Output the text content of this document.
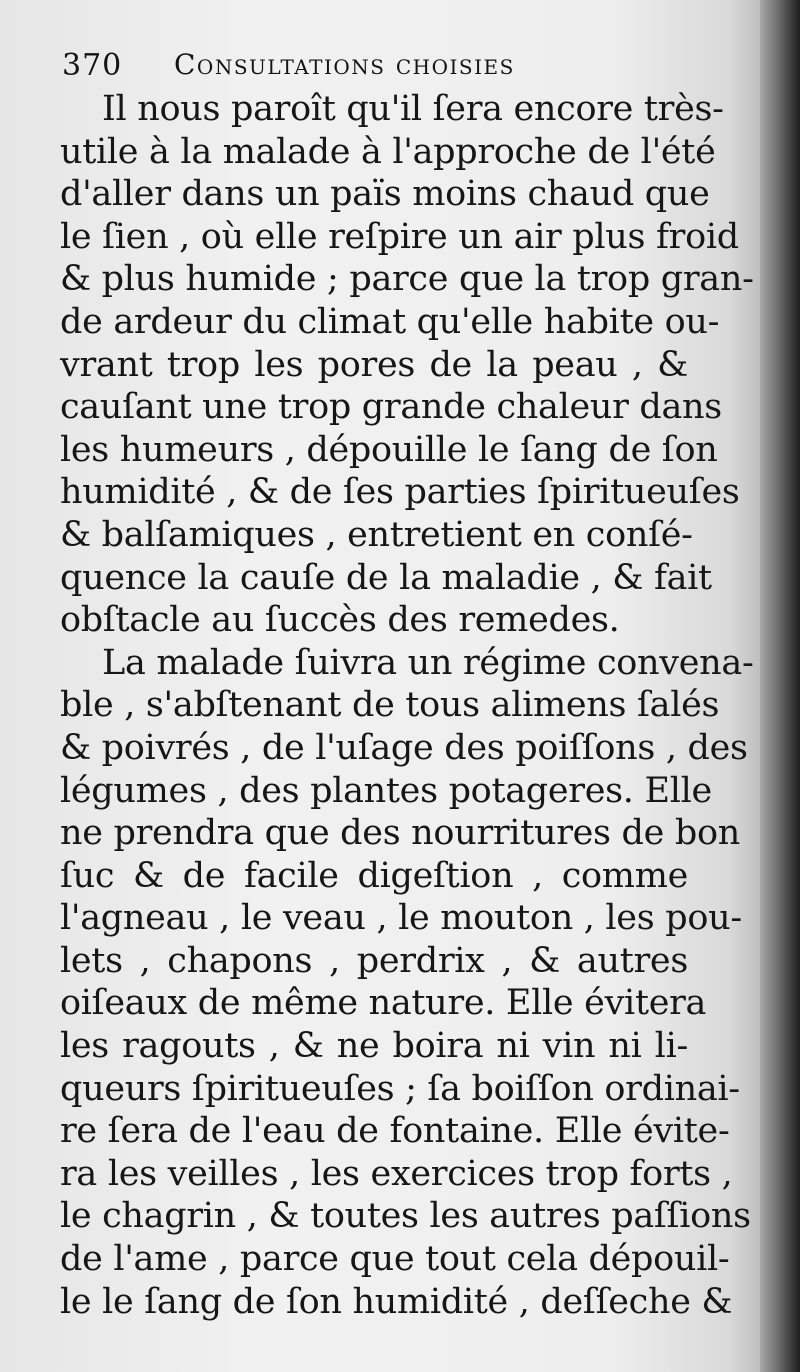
370 Consultations choisies
Il nous paroît qu'il ſera encore très-
utile à la malade à l'approche de l'été
d'aller dans un païs moins chaud que
le ſien , où elle reſpire un air plus froid
& plus humide ; parce que la trop gran-
de ardeur du climat qu'elle habite ou-
vrant trop les pores de la peau , &
cauſant une trop grande chaleur dans
les humeurs , dépouille le ſang de ſon
humidité , & de ſes parties ſpiritueuſes
& balſamiques , entretient en conſé-
quence la cauſe de la maladie , & fait
obſtacle au ſuccès des remedes.
La malade ſuivra un régime convena-
ble , s'abſtenant de tous alimens ſalés
& poivrés , de l'uſage des poiſſons , des
légumes , des plantes potageres. Elle
ne prendra que des nourritures de bon
ſuc & de facile digeſtion , comme
l'agneau , le veau , le mouton , les pou-
lets , chapons , perdrix , & autres
oiſeaux de même nature. Elle évitera
les ragouts , & ne boira ni vin ni li-
queurs ſpiritueuſes ; ſa boiſſon ordinai-
re ſera de l'eau de fontaine. Elle évite-
ra les veilles , les exercices trop forts ,
le chagrin , & toutes les autres paſſions
de l'ame , parce que tout cela dépouil-
le le ſang de ſon humidité , deſſeche &
